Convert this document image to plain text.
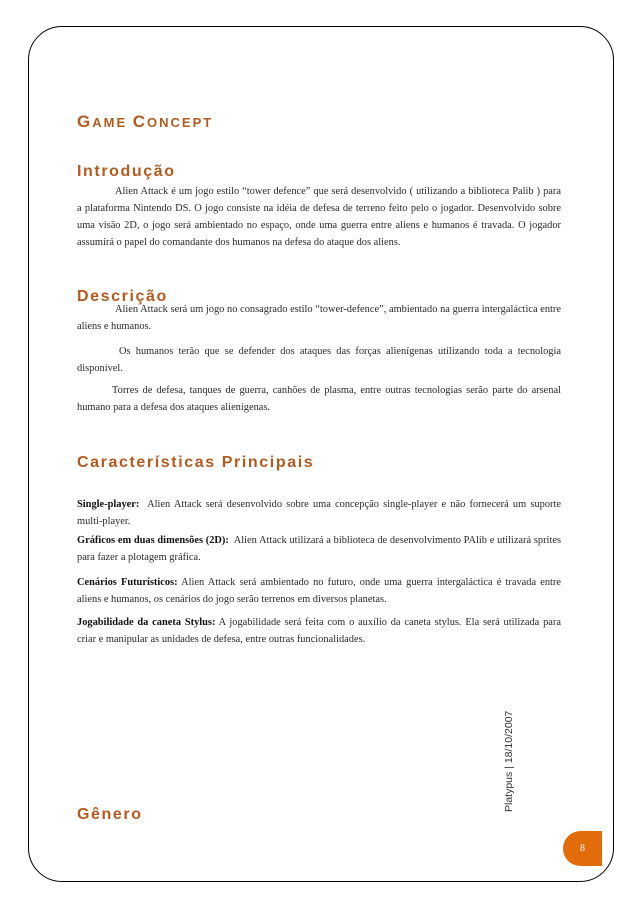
GAME CONCEPT
Introdução

Alien Attack é um jogo estilo “tower defence” que será desenvolvido ( utilizando a biblioteca Palib ) para a plataforma Nintendo DS. O jogo consiste na idéia de defesa de terreno feito pelo o jogador. Desenvolvido sobre uma visão 2D, o jogo será ambientado no espaço, onde uma guerra entre aliens e humanos é travada. O jogador assumirá o papel do comandante dos humanos na defesa do ataque dos aliens.

Descrição

Alien Attack será um jogo no consagrado estilo “tower-defence”, ambientado na guerra intergaláctica entre aliens e humanos.

Os humanos terão que se defender dos ataques das forças alienígenas utilizando toda a tecnologia disponível.

Torres de defesa, tanques de guerra, canhões de plasma, entre outras tecnologias serão parte do arsenal humano para a defesa dos ataques alienígenas.

Características Principais

Single-player: Alien Attack será desenvolvido sobre uma concepção single-player e não fornecerá um suporte multi-player.

Gráficos em duas dimensões (2D): Alien Attack utilizará a biblioteca de desenvolvimento PAlib e utilizará sprites para fazer a plotagem gráfica.

Cenários Futurísticos: Alien Attack será ambientado no futuro, onde uma guerra intergaláctica é travada entre aliens e humanos, os cenários do jogo serão terrenos em diversos planetas.

Jogabilidade da caneta Stylus: A jogabilidade será feita com o auxílio da caneta stylus. Ela será utilizada para criar e manipular as unidades de defesa, entre outras funcionalidades.

Gênero
Platypus | 18/10/2007
8
